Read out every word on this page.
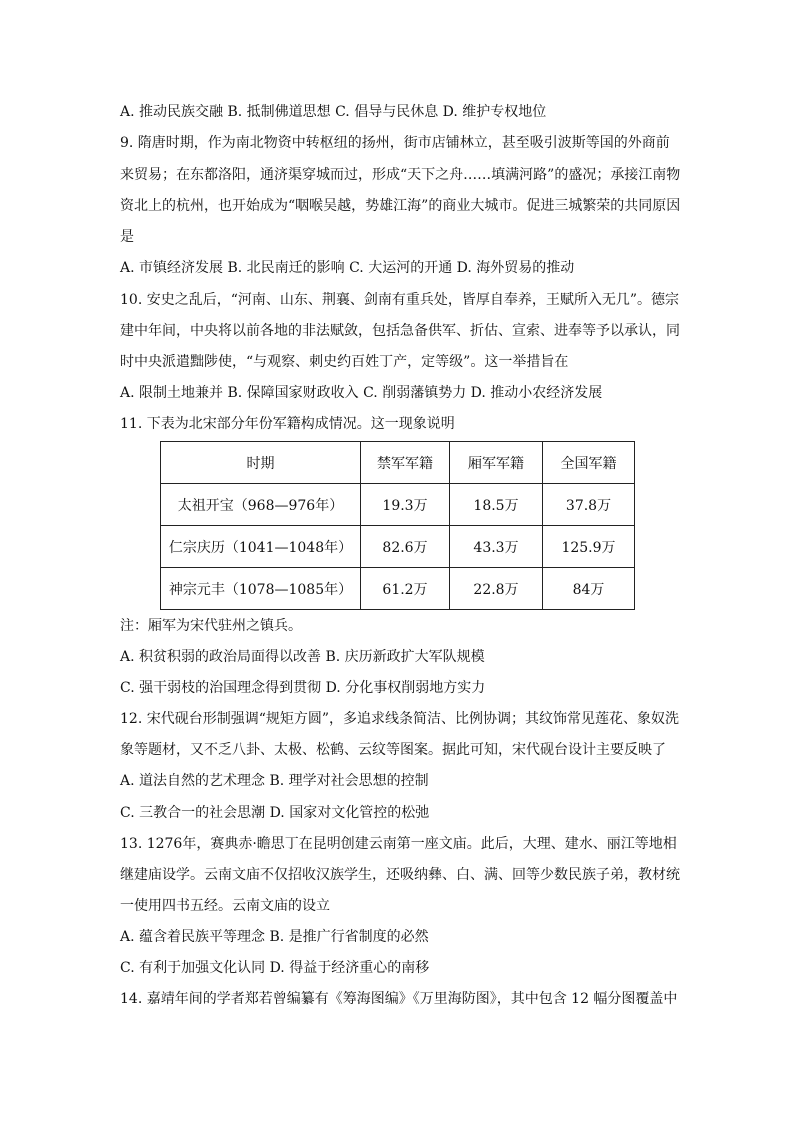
A. 推动民族交融 B. 抵制佛道思想 C. 倡导与民休息 D. 维护专权地位
9. 隋唐时期，作为南北物资中转枢纽的扬州，街市店铺林立，甚至吸引波斯等国的外商前
来贸易；在东都洛阳，通济渠穿城而过，形成“天下之舟……填满河路”的盛况；承接江南物
资北上的杭州，也开始成为“咽喉吴越，势雄江海”的商业大城市。促进三城繁荣的共同原因
是
A. 市镇经济发展 B. 北民南迁的影响 C. 大运河的开通 D. 海外贸易的推动
10. 安史之乱后，“河南、山东、荆襄、剑南有重兵处，皆厚自奉养，王赋所入无几”。德宗
建中年间，中央将以前各地的非法赋敛，包括急备供军、折估、宣索、进奉等予以承认，同
时中央派遣黜陟使，“与观察、刺史约百姓丁产，定等级”。这一举措旨在
A. 限制土地兼并 B. 保障国家财政收入 C. 削弱藩镇势力 D. 推动小农经济发展
11. 下表为北宋部分年份军籍构成情况。这一现象说明
时期	禁军军籍	厢军军籍	全国军籍
太祖开宝（968—976年）	19.3万	18.5万	37.8万
仁宗庆历（1041—1048年）	82.6万	43.3万	125.9万
神宗元丰（1078—1085年）	61.2万	22.8万	84万
注：厢军为宋代驻州之镇兵。
A. 积贫积弱的政治局面得以改善 B. 庆历新政扩大军队规模
C. 强干弱枝的治国理念得到贯彻 D. 分化事权削弱地方实力
12. 宋代砚台形制强调“规矩方圆”，多追求线条简洁、比例协调；其纹饰常见莲花、象奴洗
象等题材，又不乏八卦、太极、松鹤、云纹等图案。据此可知，宋代砚台设计主要反映了
A. 道法自然的艺术理念 B. 理学对社会思想的控制
C. 三教合一的社会思潮 D. 国家对文化管控的松弛
13. 1276年，赛典赤·瞻思丁在昆明创建云南第一座文庙。此后，大理、建水、丽江等地相
继建庙设学。云南文庙不仅招收汉族学生，还吸纳彝、白、满、回等少数民族子弟，教材统
一使用四书五经。云南文庙的设立
A. 蕴含着民族平等理念 B. 是推广行省制度的必然
C. 有利于加强文化认同 D. 得益于经济重心的南移
14. 嘉靖年间的学者郑若曾编纂有《筹海图编》《万里海防图》，其中包含 12 幅分图覆盖中
